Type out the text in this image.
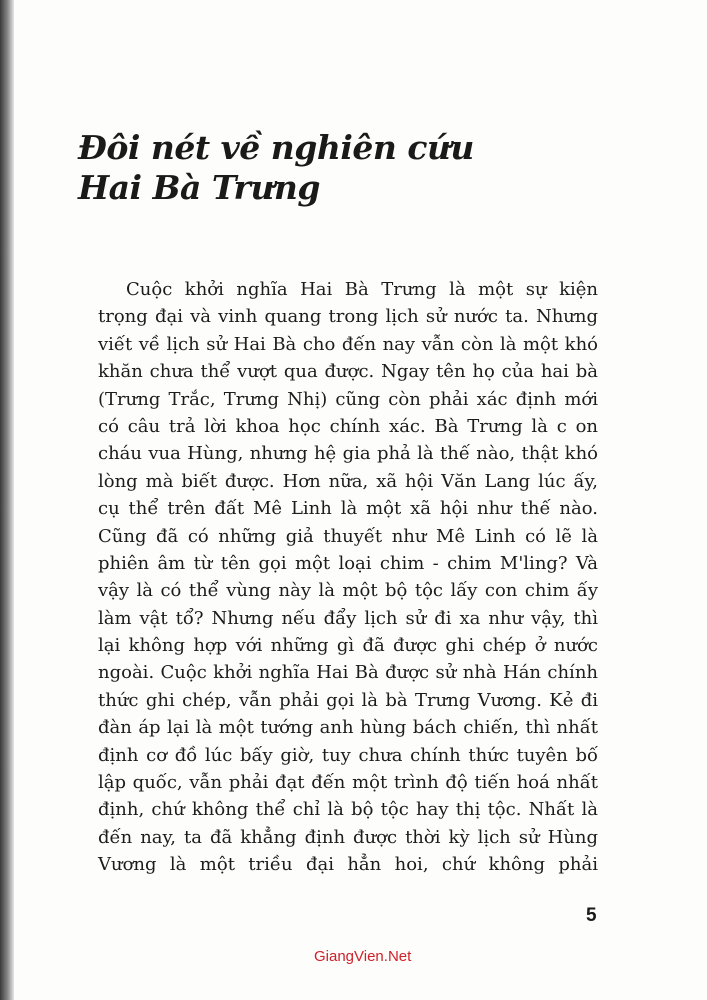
Đôi nét về nghiên cứu
Hai Bà Trưng
Cuộc khởi nghĩa Hai Bà Trưng là một sự kiện
trọng đại và vinh quang trong lịch sử nước ta. Nhưng
viết về lịch sử Hai Bà cho đến nay vẫn còn là một khó
khăn chưa thể vượt qua được. Ngay tên họ của hai bà
(Trưng Trắc, Trưng Nhị) cũng còn phải xác định mới
có câu trả lời khoa học chính xác. Bà Trưng là c on
cháu vua Hùng, nhưng hệ gia phả là thế nào, thật khó
lòng mà biết được. Hơn nữa, xã hội Văn Lang lúc ấy,
cụ thể trên đất Mê Linh là một xã hội như thế nào.
Cũng đã có những giả thuyết như Mê Linh có lẽ là
phiên âm từ tên gọi một loại chim - chim M'ling? Và
vậy là có thể vùng này là một bộ tộc lấy con chim ấy
làm vật tổ? Nhưng nếu đẩy lịch sử đi xa như vậy, thì
lại không hợp với những gì đã được ghi chép ở nước
ngoài. Cuộc khởi nghĩa Hai Bà được sử nhà Hán chính
thức ghi chép, vẫn phải gọi là bà Trưng Vương. Kẻ đi
đàn áp lại là một tướng anh hùng bách chiến, thì nhất
định cơ đồ lúc bấy giờ, tuy chưa chính thức tuyên bố
lập quốc, vẫn phải đạt đến một trình độ tiến hoá nhất
định, chứ không thể chỉ là bộ tộc hay thị tộc. Nhất là
đến nay, ta đã khẳng định được thời kỳ lịch sử Hùng
Vương là một triều đại hẳn hoi, chứ không phải
5
GiangVien.Net
